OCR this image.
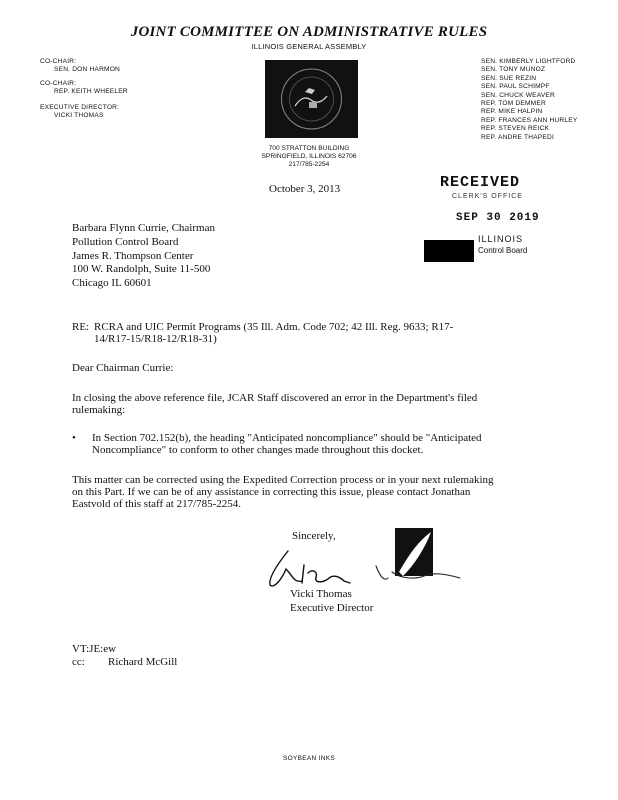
JOINT COMMITTEE ON ADMINISTRATIVE RULES
ILLINOIS GENERAL ASSEMBLY
CO-CHAIR:
SEN. DON HARMON
CO-CHAIR:
REP. KEITH WHEELER
EXECUTIVE DIRECTOR:
VICKI THOMAS
SEN. KIMBERLY LIGHTFORD
SEN. TONY MUNOZ
SEN. SUE REZIN
SEN. PAUL SCHIMPF
SEN. CHUCK WEAVER
REP. TOM DEMMER
REP. MIKE HALPIN
REP. FRANCES ANN HURLEY
REP. STEVEN REICK
REP. ANDRE THAPEDI
700 STRATTON BUILDING
SPRINGFIELD, ILLINOIS 62706
217/785-2254
October 3, 2013	RECEIVED
CLERK'S OFFICE
SEP 30 2019
ILLINOIS
Control Board
Barbara Flynn Currie, Chairman
Pollution Control Board
James R. Thompson Center
100 W. Randolph, Suite 11-500
Chicago IL 60601
RE: RCRA and UIC Permit Programs (35 Ill. Adm. Code 702; 42 Ill. Reg. 9633; R17-
14/R17-15/R18-12/R18-31)
Dear Chairman Currie:
In closing the above reference file, JCAR Staff discovered an error in the Department's filed
rulemaking:
• In Section 702.152(b), the heading "Anticipated noncompliance" should be "Anticipated
Noncompliance" to conform to other changes made throughout this docket.
This matter can be corrected using the Expedited Correction process or in your next rulemaking
on this Part. If we can be of any assistance in correcting this issue, please contact Jonathan
Eastvold of this staff at 217/785-2254.
Sincerely,
Vicki Thomas
Executive Director
VT:JE:ew
cc: Richard McGill
SOYBEAN INKS
